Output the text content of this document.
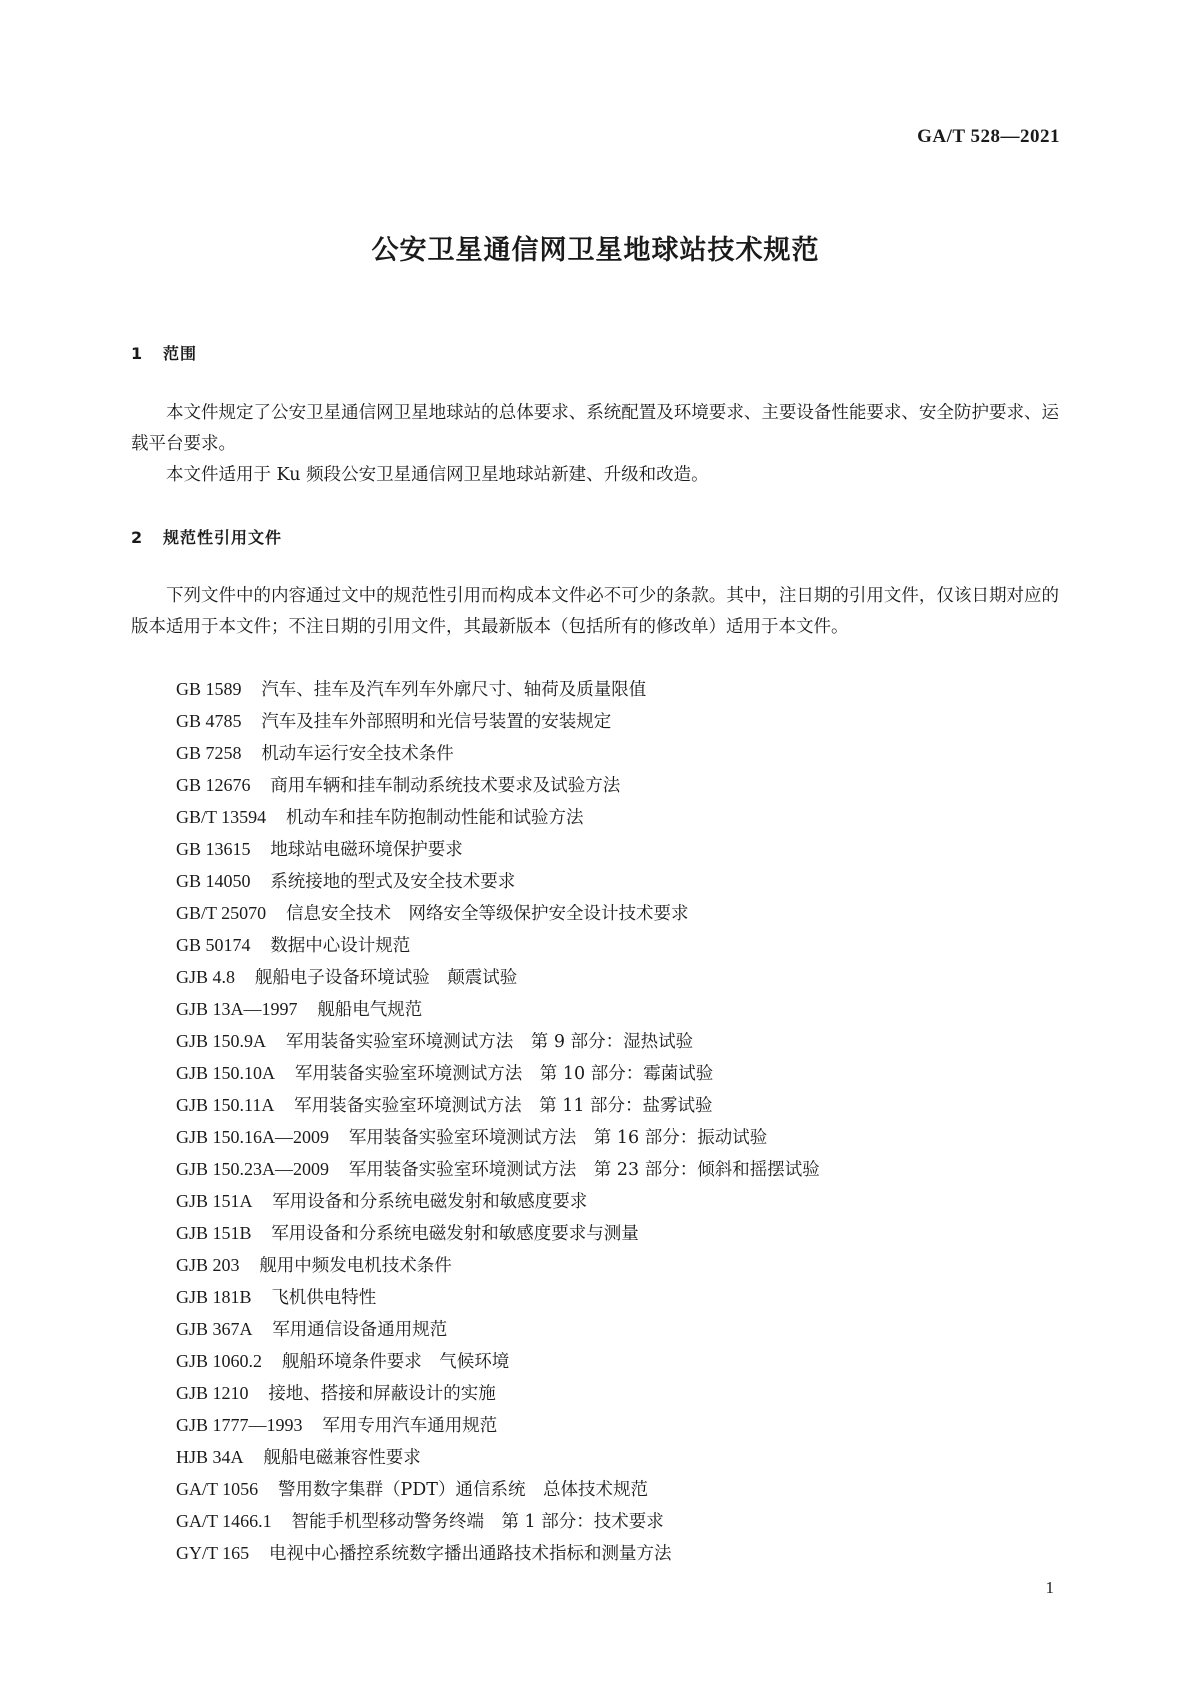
GA/T 528—2021
公安卫星通信网卫星地球站技术规范
1 范围

本文件规定了公安卫星通信网卫星地球站的总体要求、系统配置及环境要求、主要设备性能要求、安全防护要求、运载平台要求。

本文件适用于 Ku 频段公安卫星通信网卫星地球站新建、升级和改造。

2 规范性引用文件

下列文件中的内容通过文中的规范性引用而构成本文件必不可少的条款。其中，注日期的引用文件，仅该日期对应的版本适用于本文件；不注日期的引用文件，其最新版本（包括所有的修改单）适用于本文件。

GB 1589 汽车、挂车及汽车列车外廓尺寸、轴荷及质量限值
GB 4785 汽车及挂车外部照明和光信号装置的安装规定
GB 7258 机动车运行安全技术条件
GB 12676 商用车辆和挂车制动系统技术要求及试验方法
GB/T 13594 机动车和挂车防抱制动性能和试验方法
GB 13615 地球站电磁环境保护要求
GB 14050 系统接地的型式及安全技术要求
GB/T 25070 信息安全技术　网络安全等级保护安全设计技术要求
GB 50174 数据中心设计规范
GJB 4.8 舰船电子设备环境试验　颠震试验
GJB 13A—1997 舰船电气规范
GJB 150.9A 军用装备实验室环境测试方法　第 9 部分：湿热试验
GJB 150.10A 军用装备实验室环境测试方法　第 10 部分：霉菌试验
GJB 150.11A 军用装备实验室环境测试方法　第 11 部分：盐雾试验
GJB 150.16A—2009 军用装备实验室环境测试方法　第 16 部分：振动试验
GJB 150.23A—2009 军用装备实验室环境测试方法　第 23 部分：倾斜和摇摆试验
GJB 151A 军用设备和分系统电磁发射和敏感度要求
GJB 151B 军用设备和分系统电磁发射和敏感度要求与测量
GJB 203 舰用中频发电机技术条件
GJB 181B 飞机供电特性
GJB 367A 军用通信设备通用规范
GJB 1060.2 舰船环境条件要求　气候环境
GJB 1210 接地、搭接和屏蔽设计的实施
GJB 1777—1993 军用专用汽车通用规范
HJB 34A 舰船电磁兼容性要求
GA/T 1056 警用数字集群（PDT）通信系统　总体技术规范
GA/T 1466.1 智能手机型移动警务终端　第 1 部分：技术要求
GY/T 165 电视中心播控系统数字播出通路技术指标和测量方法
1
